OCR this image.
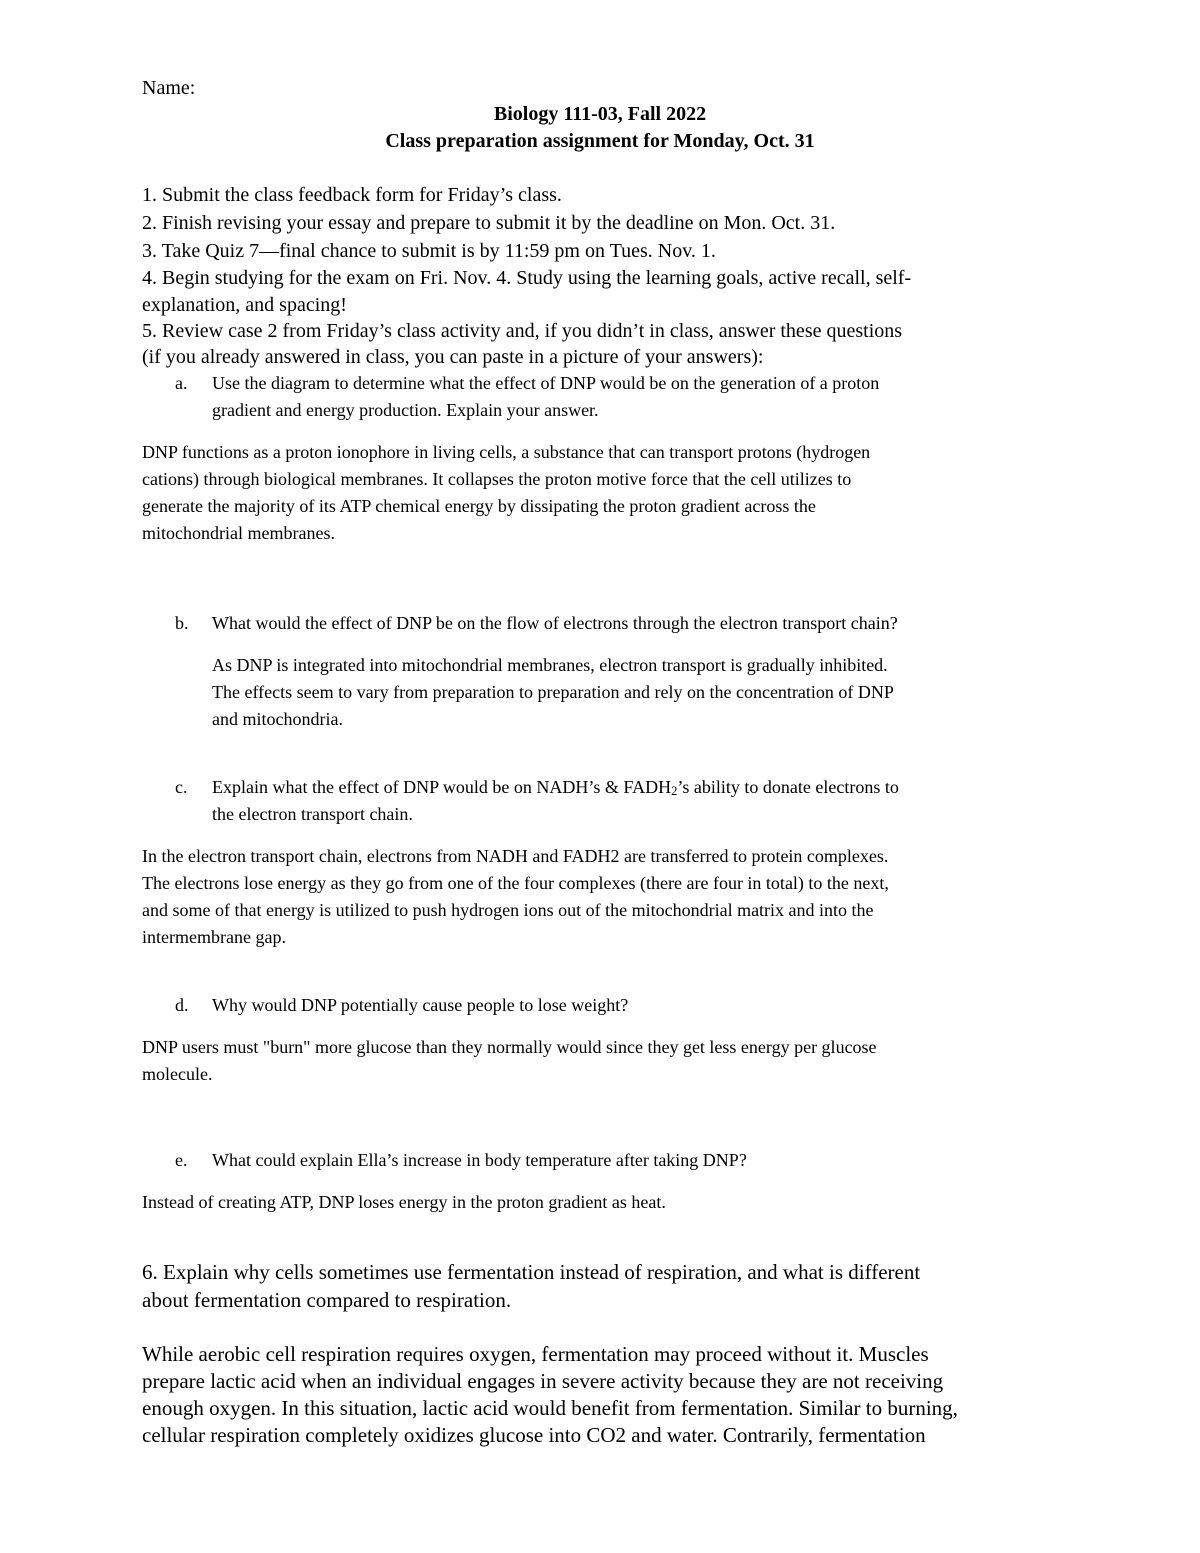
Name:
Biology 111-03, Fall 2022
Class preparation assignment for Monday, Oct. 31
1. Submit the class feedback form for Friday’s class.
2. Finish revising your essay and prepare to submit it by the deadline on Mon. Oct. 31.
3. Take Quiz 7—final chance to submit is by 11:59 pm on Tues. Nov. 1.
4. Begin studying for the exam on Fri. Nov. 4. Study using the learning goals, active recall, self-
explanation, and spacing!
5. Review case 2 from Friday’s class activity and, if you didn’t in class, answer these questions
(if you already answered in class, you can paste in a picture of your answers):
a. Use the diagram to determine what the effect of DNP would be on the generation of a proton
gradient and energy production. Explain your answer.
DNP functions as a proton ionophore in living cells, a substance that can transport protons (hydrogen
cations) through biological membranes. It collapses the proton motive force that the cell utilizes to
generate the majority of its ATP chemical energy by dissipating the proton gradient across the
mitochondrial membranes.
b. What would the effect of DNP be on the flow of electrons through the electron transport chain?
As DNP is integrated into mitochondrial membranes, electron transport is gradually inhibited.
The effects seem to vary from preparation to preparation and rely on the concentration of DNP
and mitochondria.
c. Explain what the effect of DNP would be on NADH’s & FADH2’s ability to donate electrons to
the electron transport chain.
In the electron transport chain, electrons from NADH and FADH2 are transferred to protein complexes.
The electrons lose energy as they go from one of the four complexes (there are four in total) to the next,
and some of that energy is utilized to push hydrogen ions out of the mitochondrial matrix and into the
intermembrane gap.
d. Why would DNP potentially cause people to lose weight?
DNP users must "burn" more glucose than they normally would since they get less energy per glucose
molecule.
e. What could explain Ella’s increase in body temperature after taking DNP?
Instead of creating ATP, DNP loses energy in the proton gradient as heat.
6. Explain why cells sometimes use fermentation instead of respiration, and what is different
about fermentation compared to respiration.
While aerobic cell respiration requires oxygen, fermentation may proceed without it. Muscles
prepare lactic acid when an individual engages in severe activity because they are not receiving
enough oxygen. In this situation, lactic acid would benefit from fermentation. Similar to burning,
cellular respiration completely oxidizes glucose into CO2 and water. Contrarily, fermentation
